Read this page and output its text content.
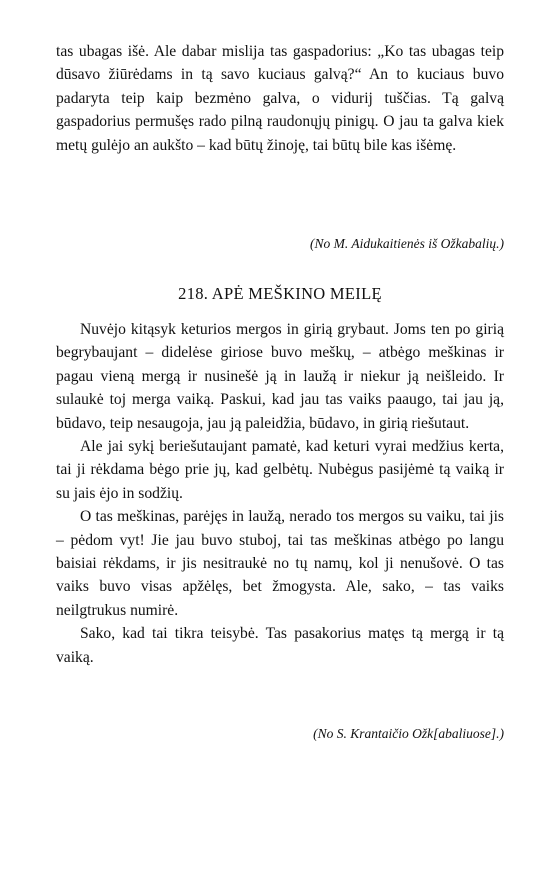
tas ubagas išė. Ale dabar mislija tas gaspadorius: „Ko tas ubagas teip dūsavo žiūrėdams in tą savo kuciaus galvą?“ An to kuciaus buvo padaryta teip kaip bezmėno galva, o vidurij tuščias. Tą galvą gaspadorius permušęs rado pilną raudonųjų pinigų. O jau ta galva kiek metų gulėjo an aukšto – kad būtų žinoję, tai būtų bile kas išėmę.

(No M. Aidukaitienės iš Ožkabalių.)
218. APĖ MEŠKINO MEILĘ

Nuvėjo kitąsyk keturios mergos in girią grybaut. Joms ten po girią begrybaujant – didelėse giriose buvo meškų, – atbėgo meškinas ir pagau vieną mergą ir nusinešė ją in laužą ir niekur ją neišleido. Ir sulaukė toj merga vaiką. Paskui, kad jau tas vaiks paaugo, tai jau ją, būdavo, teip nesaugoja, jau ją paleidžia, būdavo, in girią riešutaut.

Ale jai sykį beriešutaujant pamatė, kad keturi vyrai medžius kerta, tai ji rėkdama bėgo prie jų, kad gelbėtų. Nubėgus pasijėmė tą vaiką ir su jais ėjo in sodžių.

O tas meškinas, parėjęs in laužą, nerado tos mergos su vaiku, tai jis – pėdom vyt! Jie jau buvo stuboj, tai tas meškinas atbėgo po langu baisiai rėkdams, ir jis nesitraukė no tų namų, kol ji nenušovė. O tas vaiks buvo visas apžėlęs, bet žmogysta. Ale, sako, – tas vaiks neilgtrukus numirė.

Sako, kad tai tikra teisybė. Tas pasakorius matęs tą mergą ir tą vaiką.

(No S. Krantaičio Ožk[abaliuose].)
